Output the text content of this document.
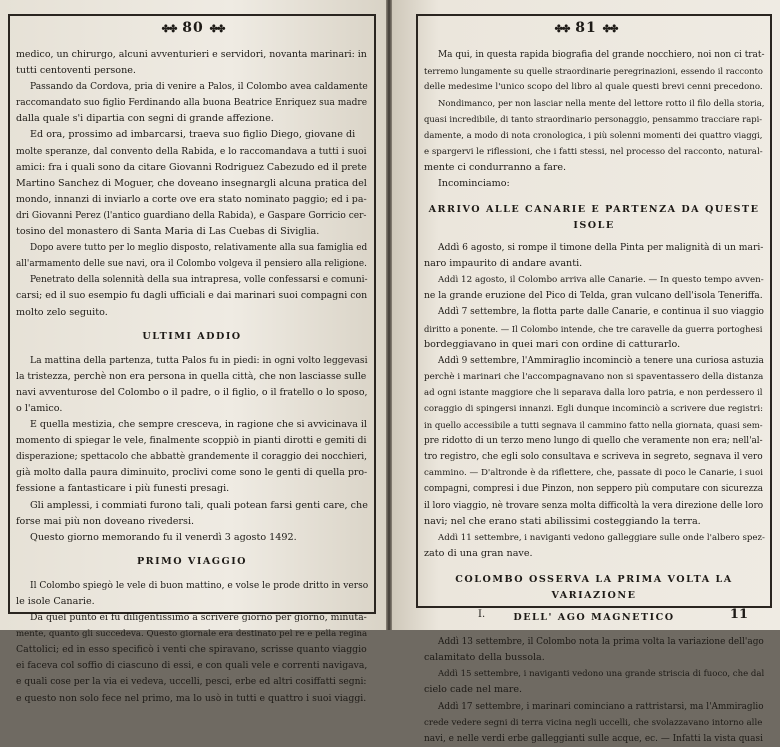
✤✤ 80 ✤✤
medico, un chirurgo, alcuni avventurieri e servidori, novanta marinari: in
tutti centoventi persone.
Passando da Cordova, pria di venire a Palos, il Colombo avea caldamente
raccomandato suo figlio Ferdinando alla buona Beatrice Enriquez sua madre
dalla quale s'i dipartia con segni di grande affezione.
Ed ora, prossimo ad imbarcarsi, traeva suo figlio Diego, giovane di
molte speranze, dal convento della Rabida, e lo raccomandava a tutti i suoi
amici: fra i quali sono da citare Giovanni Rodriguez Cabezudo ed il prete
Martino Sanchez di Moguer, che doveano insegnargli alcuna pratica del
mondo, innanzi di inviarlo a corte ove era stato nominato paggio; ed i pa-
dri Giovanni Perez (l'antico guardiano della Rabida), e Gaspare Gorricio cer-
tosino del monastero di Santa Maria di Las Cuebas di Siviglia.
Dopo avere tutto per lo meglio disposto, relativamente alla sua famiglia ed
all'armamento delle sue navi, ora il Colombo volgeva il pensiero alla religione.
Penetrato della solennità della sua intrapresa, volle confessarsi e comuni-
carsi; ed il suo esempio fu dagli ufficiali e dai marinari suoi compagni con
molto zelo seguito.
ULTIMI ADDIO
La mattina della partenza, tutta Palos fu in piedi: in ogni volto leggevasi
la tristezza, perchè non era persona in quella città, che non lasciasse sulle
navi avventurose del Colombo o il padre, o il figlio, o il fratello o lo sposo,
o l'amico.
E quella mestizia, che sempre cresceva, in ragione che si avvicinava il
momento di spiegar le vele, finalmente scoppiò in pianti dirotti e gemiti di
disperazione; spettacolo che abbattè grandemente il coraggio dei nocchieri,
già molto dalla paura diminuito, proclivi come sono le genti di quella pro-
fessione a fantasticare i più funesti presagi.
Gli amplessi, i commiati furono tali, quali potean farsi genti care, che
forse mai più non doveano rivedersi.
Questo giorno memorando fu il venerdì 3 agosto 1492.
PRIMO VIAGGIO
Il Colombo spiegò le vele di buon mattino, e volse le prode dritto in verso
le isole Canarie.
Da quel punto ei fu diligentissimo a scrivere giorno per giorno, minuta-
mente, quanto gli succedeva. Questo giornale era destinato pel re e pella regina
Cattolici; ed in esso specificò i venti che spiravano, scrisse quanto viaggio
ei faceva col soffio di ciascuno di essi, e con quali vele e correnti navigava,
e quali cose per la via ei vedeva, uccelli, pesci, erbe ed altri cosiffatti segni:
e questo non solo fece nel primo, ma lo usò in tutti e quattro i suoi viaggi.
✤✤ 81 ✤✤
Ma qui, in questa rapida biografia del grande nocchiero, noi non ci trat-
terremo lungamente su quelle straordinarie peregrinazioni, essendo il racconto
delle medesime l'unico scopo del libro al quale questi brevi cenni precedono.
Nondimanco, per non lasciar nella mente del lettore rotto il filo della storia,
quasi incredibile, di tanto straordinario personaggio, pensammo tracciare rapi-
damente, a modo di nota cronologica, i più solenni momenti dei quattro viaggi,
e spargervi le riflessioni, che i fatti stessi, nel processo del racconto, natural-
mente ci condurranno a fare.
Incominciamo:
ARRIVO ALLE CANARIE E PARTENZA DA QUESTE ISOLE
Addì 6 agosto, si rompe il timone della Pinta per malignità di un mari-
naro impaurito di andare avanti.
Addì 12 agosto, il Colombo arriva alle Canarie. — In questo tempo avven-
ne la grande eruzione del Pico di Telda, gran vulcano dell'isola Teneriffa.
Addì 7 settembre, la flotta parte dalle Canarie, e continua il suo viaggio
diritto a ponente. — Il Colombo intende, che tre caravelle da guerra portoghesi
bordeggiavano in quei mari con ordine di catturarlo.
Addì 9 settembre, l'Ammiraglio incominciò a tenere una curiosa astuzia
perchè i marinari che l'accompagnavano non si spaventassero della distanza
ad ogni istante maggiore che li separava dalla loro patria, e non perdessero il
coraggio di spingersi innanzi. Egli dunque incominciò a scrivere due registri:
in quello accessibile a tutti segnava il cammino fatto nella giornata, quasi sem-
pre ridotto di un terzo meno lungo di quello che veramente non era; nell'al-
tro registro, che egli solo consultava e scriveva in segreto, segnava il vero
cammino. — D'altronde è da riflettere, che, passate di poco le Canarie, i suoi
compagni, compresi i due Pinzon, non seppero più computare con sicurezza
il loro viaggio, nè trovare senza molta difficoltà la vera direzione delle loro
navi; nel che erano stati abilissimi costeggiando la terra.
Addì 11 settembre, i naviganti vedono galleggiare sulle onde l'albero spez-
zato di una gran nave.
COLOMBO OSSERVA LA PRIMA VOLTA LA VARIAZIONE
DELL' AGO MAGNETICO
Addì 13 settembre, il Colombo nota la prima volta la variazione dell'ago
calamitato della bussola.
Addì 15 settembre, i naviganti vedono una grande striscia di fuoco, che dal
cielo cade nel mare.
Addì 17 settembre, i marinari cominciano a rattristarsi, ma l'Ammiraglio
crede vedere segni di terra vicina negli uccelli, che svolazzavano intorno alle
navi, e nelle verdi erbe galleggianti sulle acque, ec. — Infatti la vista quasi
I.	11
